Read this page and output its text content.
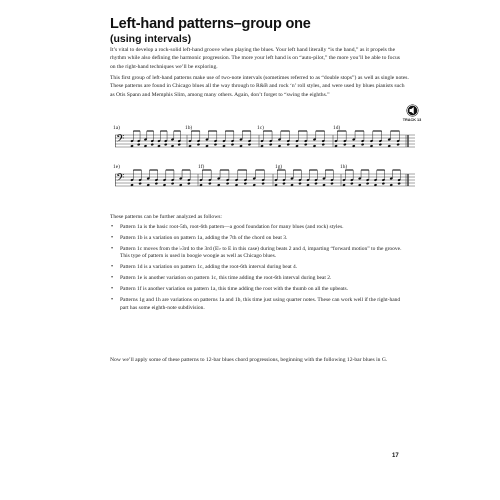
Left-hand patterns–group one
(using intervals)

It’s vital to develop a rock-solid left-hand groove when playing the blues. Your left hand literally “is the band,” as it propels the rhythm while also defining the harmonic progression. The more your left hand is on “auto-pilot,” the more you’ll be able to focus on the right-hand techniques we’ll be exploring.

This first group of left-hand patterns make use of two-note intervals (sometimes referred to as “double stops”) as well as single notes. These patterns are found in Chicago blues all the way through to R&B and rock ‘n’ roll styles, and were used by blues pianists such as Otis Spann and Memphis Slim, among many others. Again, don’t forget to “swing the eighths.”

TRACK 13
𝄢
𝄢
1a)	1b)	1c)	1d)
1e)	1f)	1g)	1h)

These patterns can be further analyzed as follows:

• Pattern 1a is the basic root-5th, root-6th pattern—a good foundation for many blues (and rock) styles.
• Pattern 1b is a variation on pattern 1a, adding the 7th of the chord on beat 3.
• Pattern 1c moves from the ♭3rd to the 3rd (E♭ to E in this case) during beats 2 and 4, imparting “forward motion” to the groove. This type of pattern is used in boogie woogie as well as Chicago blues.
• Pattern 1d is a variation on pattern 1c, adding the root-6th interval during beat 4.
• Pattern 1e is another variation on pattern 1c, this time adding the root-6th interval during beat 2.
• Pattern 1f is another variation on pattern 1a, this time adding the root with the thumb on all the upbeats.
• Patterns 1g and 1h are variations on patterns 1a and 1b, this time just using quarter notes. These can work well if the right-hand part has some eighth-note subdivision.

Now we’ll apply some of these patterns to 12-bar blues chord progressions, beginning with the following 12-bar blues in G.

17
